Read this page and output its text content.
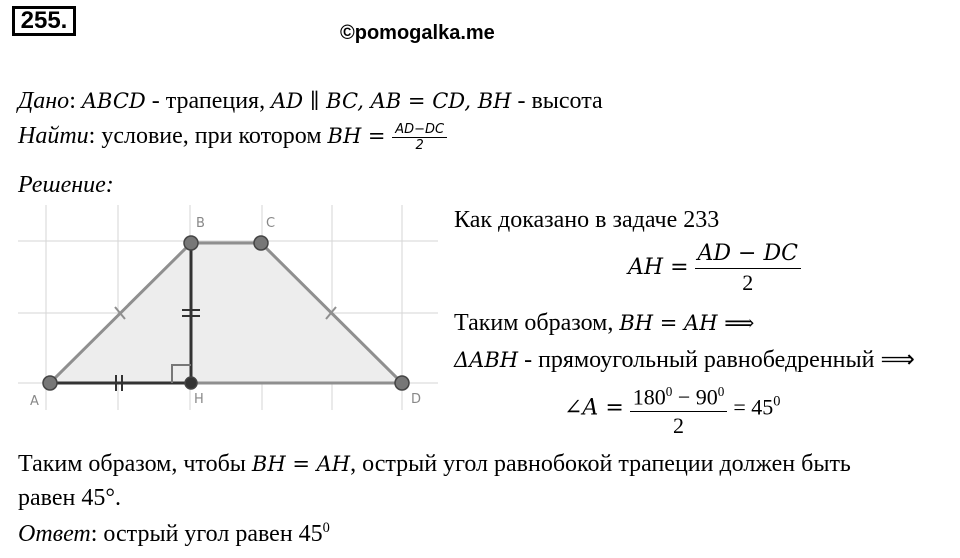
255.	©pomogalka.me
Дано: ABCD - трапеция, AD ∥ BC, AB = CD, BH - высота
Найти: условие, при котором BH = $\frac{AD-DC}{2}$
Решение:
A
B	C
D
H
Как доказано в задаче 233
AH = $\frac{AD - DC}{2}$
Таким образом, BH = AH ⟹
ΔABH - прямоугольный равнобедренный ⟹
∠A = $\frac{180^0 - 90^0}{2} = 45^0$
Таким образом, чтобы BH = AH, острый угол равнобокой трапеции должен быть
равен 45°.
Ответ: острый угол равен $45^0$
